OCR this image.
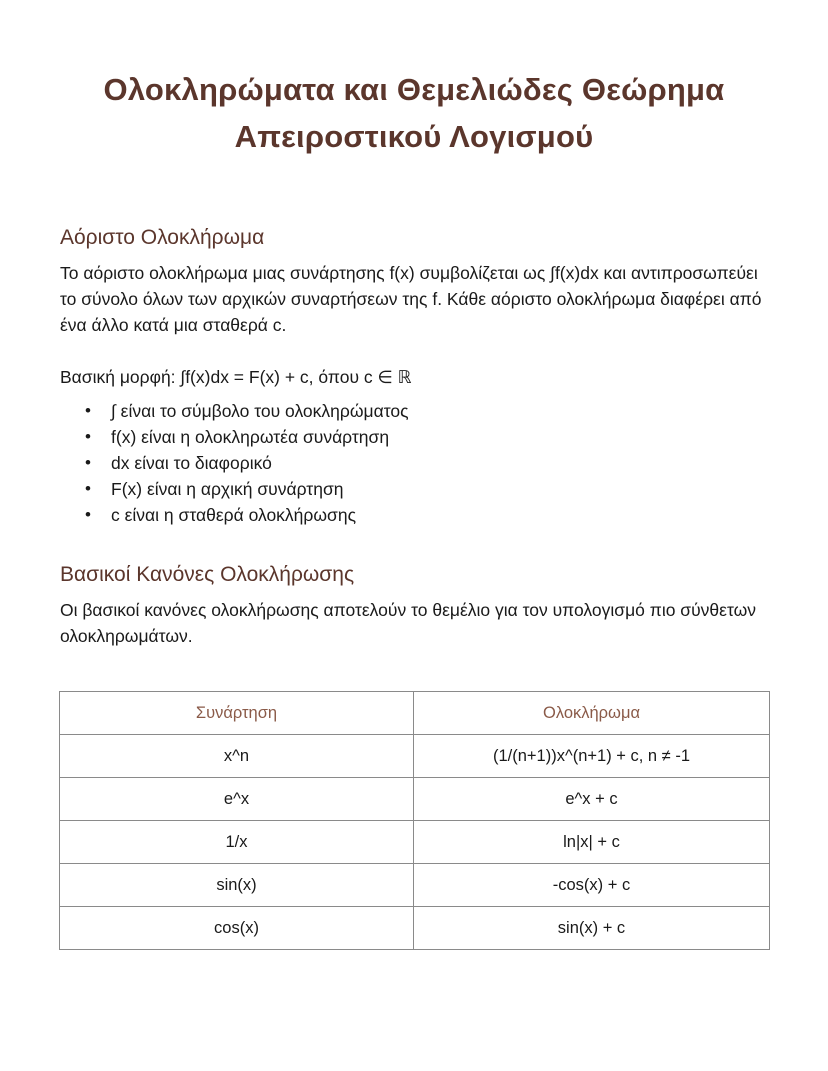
Ολοκληρώματα και Θεμελιώδες Θεώρημα
Απειροστικού Λογισμού
Αόριστο Ολοκλήρωμα

Το αόριστο ολοκλήρωμα μιας συνάρτησης f(x) συμβολίζεται ως ∫f(x)dx και αντιπροσωπεύει το σύνολο όλων των αρχικών συναρτήσεων της f. Κάθε αόριστο ολοκλήρωμα διαφέρει από ένα άλλο κατά μια σταθερά c.

Βασική μορφή: ∫f(x)dx = F(x) + c, όπου c ∈ ℝ

• ∫ είναι το σύμβολο του ολοκληρώματος
• f(x) είναι η ολοκληρωτέα συνάρτηση
• dx είναι το διαφορικό
• F(x) είναι η αρχική συνάρτηση
• c είναι η σταθερά ολοκλήρωσης
Βασικοί Κανόνες Ολοκλήρωσης

Οι βασικοί κανόνες ολοκλήρωσης αποτελούν το θεμέλιο για τον υπολογισμό πιο σύνθετων ολοκληρωμάτων.

Συνάρτηση	Ολοκλήρωμα
x^n	(1/(n+1))x^(n+1) + c, n ≠ -1
e^x	e^x + c
1/x	ln|x| + c
sin(x)	-cos(x) + c
cos(x)	sin(x) + c
